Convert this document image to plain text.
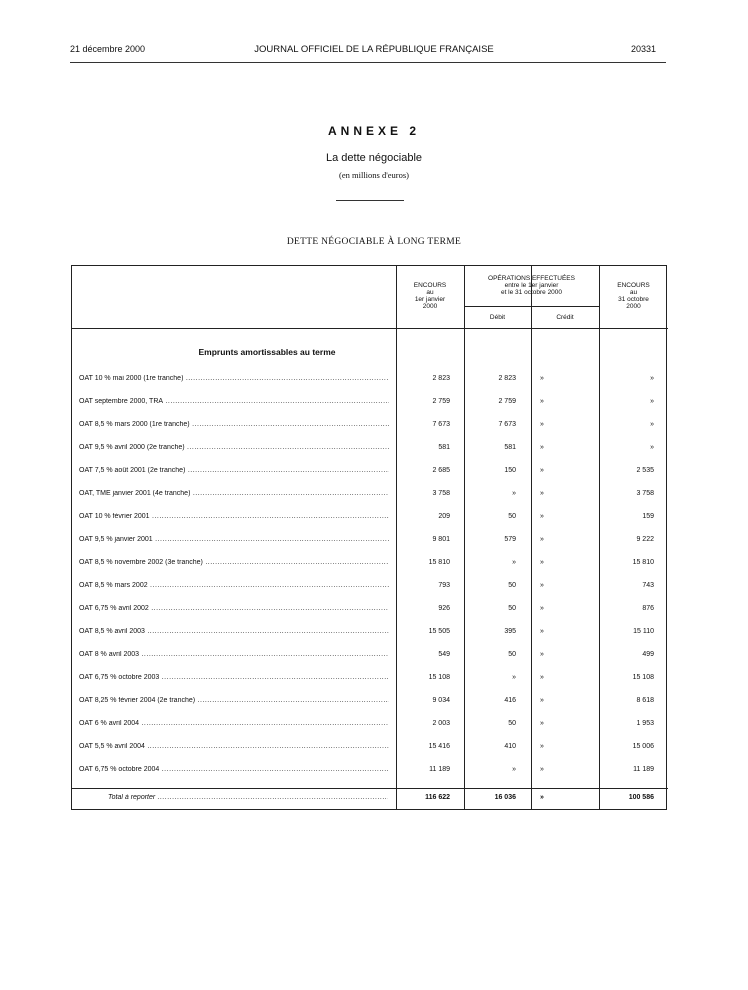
21 décembre 2000	JOURNAL OFFICIEL DE LA RÉPUBLIQUE FRANÇAISE	20331
ANNEXE 2
La dette négociable
(en millions d'euros)
DETTE NÉGOCIABLE À LONG TERME
ENCOURS
au
1er janvier
2000
OPÉRATIONS EFFECTUÉES
entre le 1er janvier
et le 31 octobre 2000
Débit	Crédit
ENCOURS
au
31 octobre
2000
Emprunts amortissables au terme
OAT 10 % mai 2000 (1re tranche) .....	2 823	2 823	»	»
OAT septembre 2000, TRA .....	2 759	2 759	»	»
OAT 8,5 % mars 2000 (1re tranche) .....	7 673	7 673	»	»
OAT 9,5 % avril 2000 (2e tranche) .....	581	581	»	»
OAT 7,5 % août 2001 (2e tranche) .....	2 685	150	»	2 535
OAT, TME janvier 2001 (4e tranche) .....	3 758	»	»	3 758
OAT 10 % février 2001 .....	209	50	»	159
OAT 9,5 % janvier 2001 .....	9 801	579	»	9 222
OAT 8,5 % novembre 2002 (3e tranche) .....	15 810	»	»	15 810
OAT 8,5 % mars 2002 .....	793	50	»	743
OAT 6,75 % avril 2002 .....	926	50	»	876
OAT 8,5 % avril 2003 .....	15 505	395	»	15 110
OAT 8 % avril 2003 .....	549	50	»	499
OAT 6,75 % octobre 2003 .....	15 108	»	»	15 108
OAT 8,25 % février 2004 (2e tranche) .....	9 034	416	»	8 618
OAT 6 % avril 2004 .....	2 003	50	»	1 953
OAT 5,5 % avril 2004 .....	15 416	410	»	15 006
OAT 6,75 % octobre 2004 .....	11 189	»	»	11 189
Total à reporter .....	116 622	16 036	»	100 586
